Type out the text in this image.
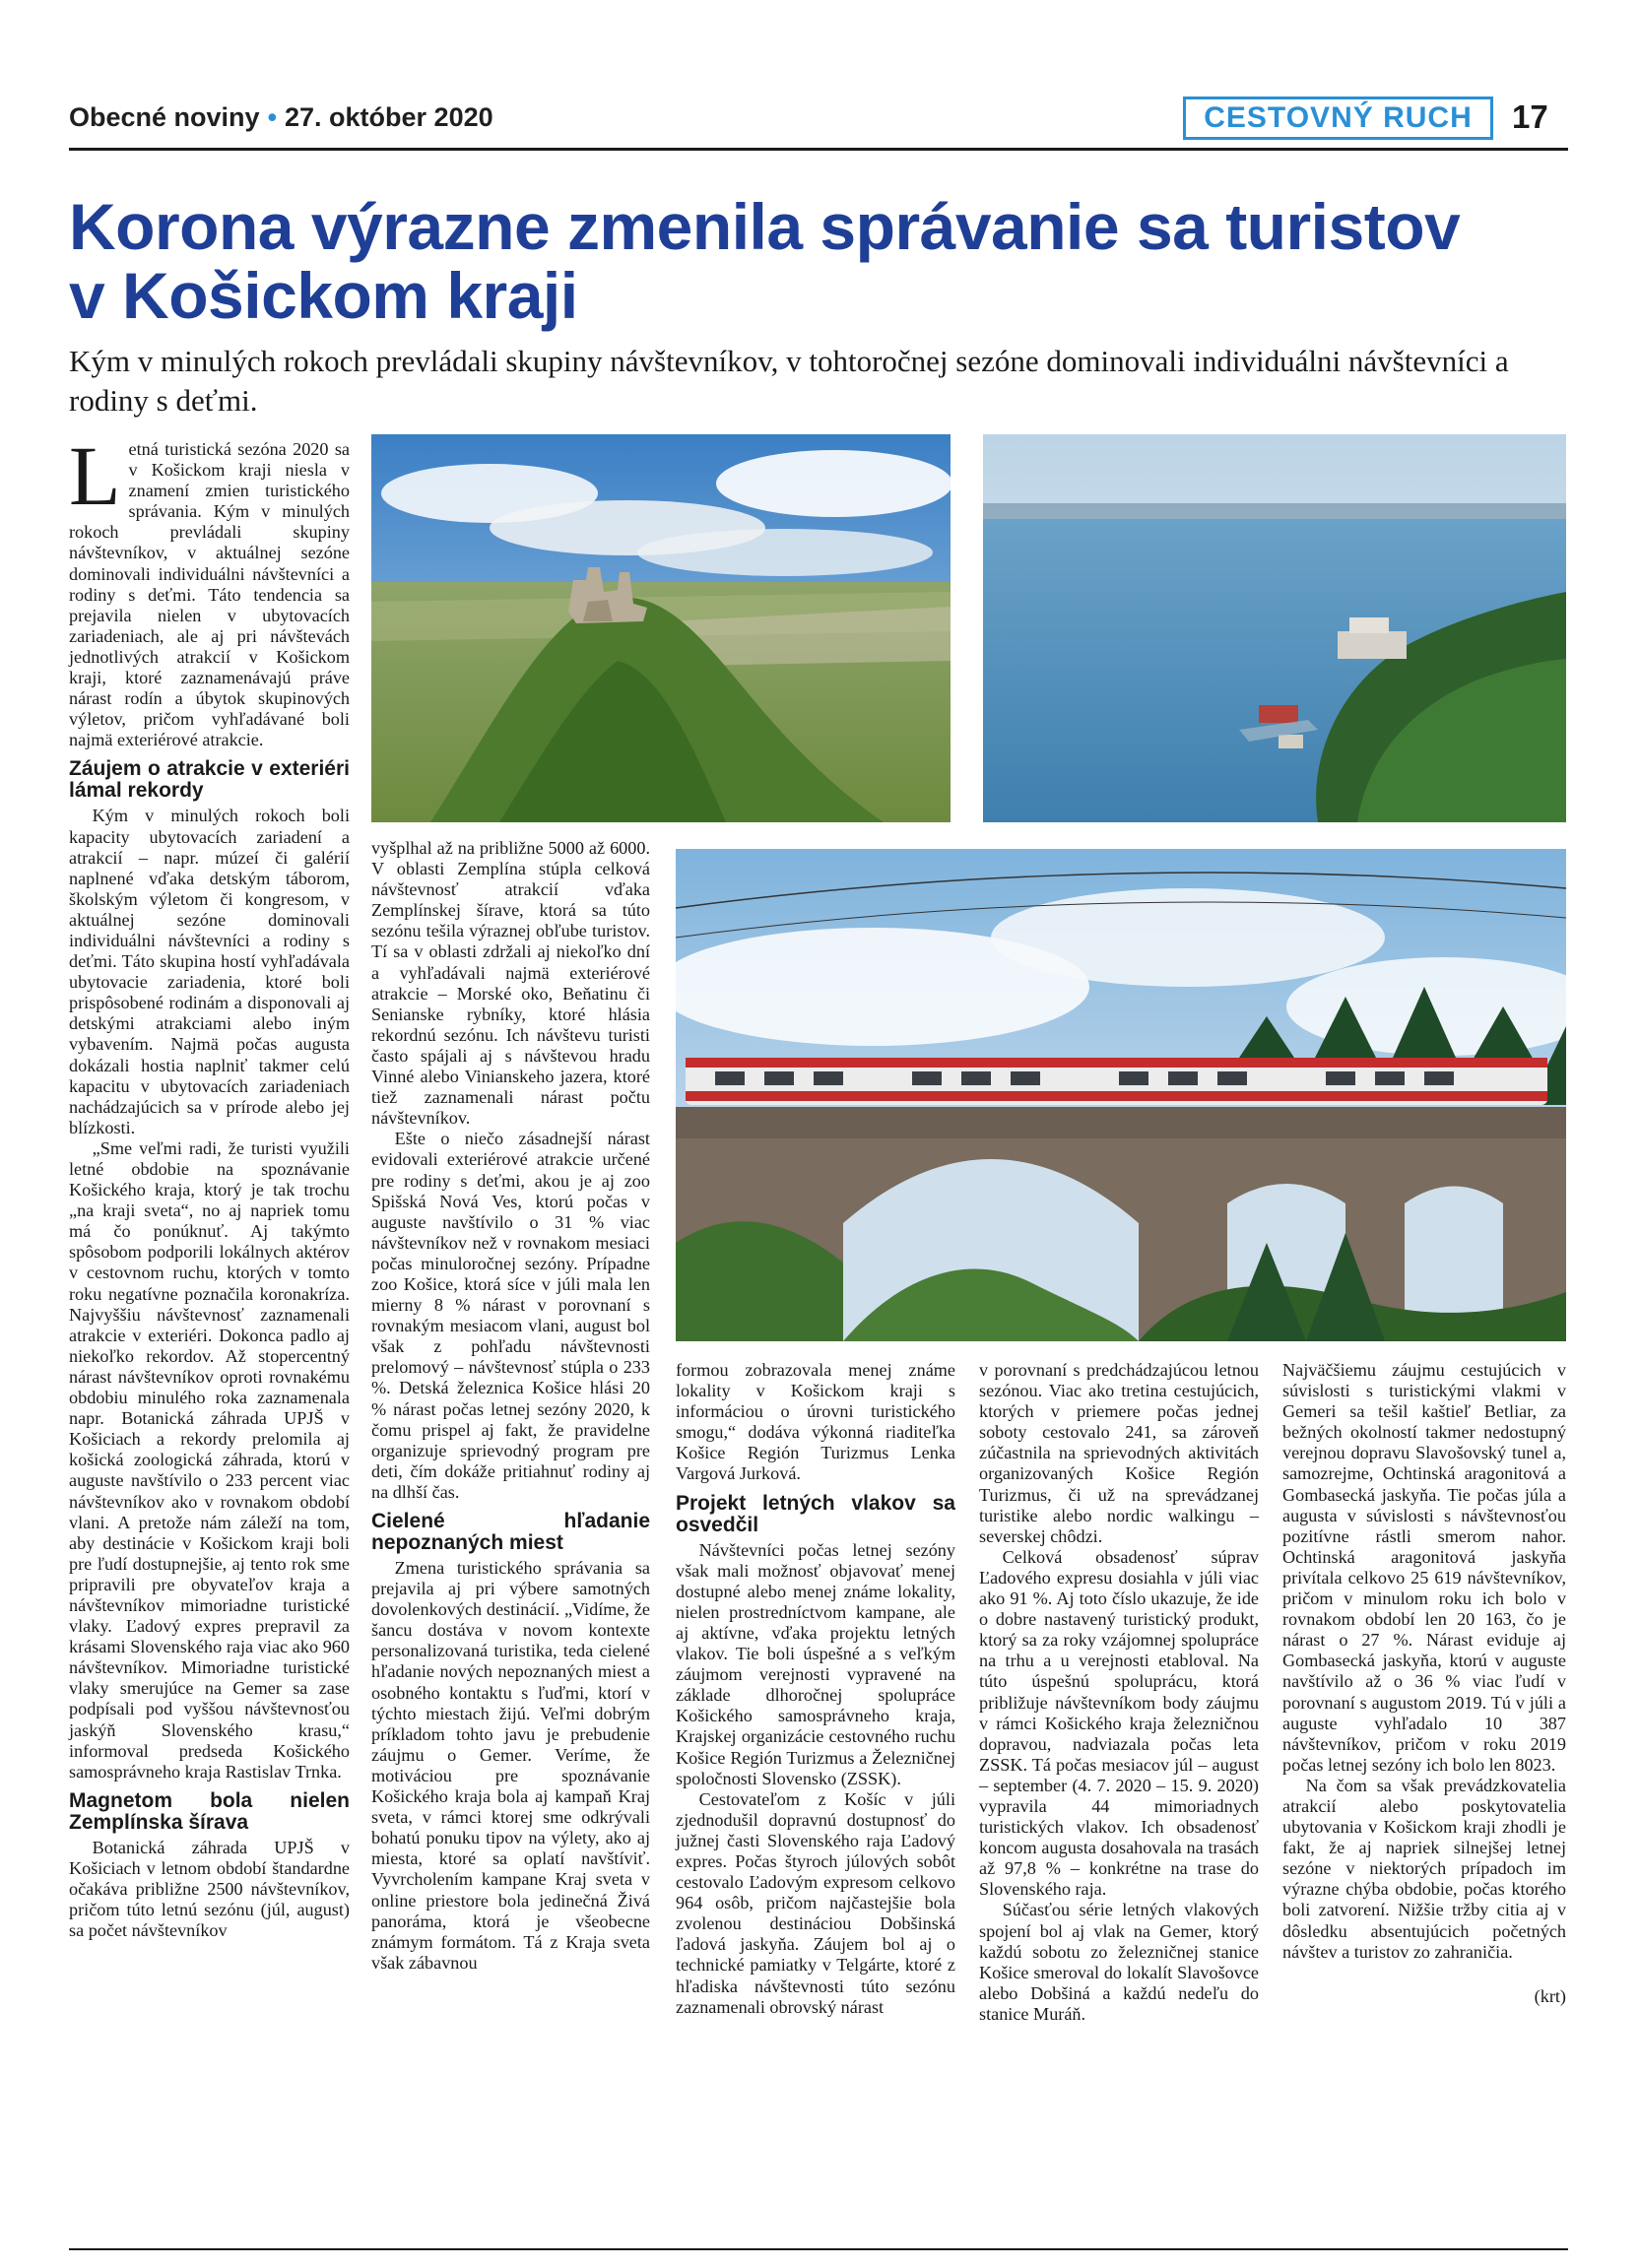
Obecné noviny • 27. október 2020	CESTOVNÝ RUCH	17
Korona výrazne zmenila správanie sa turistov
v Košickom kraji
Kým v minulých rokoch prevládali skupiny návštevníkov, v tohtoročnej sezóne dominovali individuálni návštevníci a rodiny s deťmi.

Letná turistická sezóna 2020 sa v Košickom kraji niesla v znamení zmien turistického správania. Kým v minulých rokoch prevládali skupiny návštevníkov, v aktuálnej sezóne dominovali individuálni návštevníci a rodiny s deťmi. Táto tendencia sa prejavila nielen v ubytovacích zariadeniach, ale aj pri návštevách jednotlivých atrakcií v Košickom kraji, ktoré zaznamenávajú práve nárast rodín a úbytok skupinových výletov, pričom vyhľadávané boli najmä exteriérové atrakcie.

Záujem o atrakcie v exteriéri lámal rekordy

Kým v minulých rokoch boli kapacity ubytovacích zariadení a atrakcií – napr. múzeí či galérií naplnené vďaka detským táborom, školským výletom či kongresom, v aktuálnej sezóne dominovali individuálni návštevníci a rodiny s deťmi. Táto skupina hostí vyhľadávala ubytovacie zariadenia, ktoré boli prispôsobené rodinám a disponovali aj detskými atrakciami alebo iným vybavením. Najmä počas augusta dokázali hostia naplniť takmer celú kapacitu v ubytovacích zariadeniach nachádzajúcich sa v prírode alebo jej blízkosti.

„Sme veľmi radi, že turisti využili letné obdobie na spoznávanie Košického kraja, ktorý je tak trochu „na kraji sveta“, no aj napriek tomu má čo ponúknuť. Aj takýmto spôsobom podporili lokálnych aktérov v cestovnom ruchu, ktorých v tomto roku negatívne poznačila koronakríza. Najvyššiu návštevnosť zaznamenali atrakcie v exteriéri. Dokonca padlo aj niekoľko rekordov. Až stopercentný nárast návštevníkov oproti rovnakému obdobiu minulého roka zaznamenala napr. Botanická záhrada UPJŠ v Košiciach a rekordy prelomila aj košická zoologická záhrada, ktorú v auguste navštívilo o 233 percent viac návštevníkov ako v rovnakom období vlani. A pretože nám záleží na tom, aby destinácie v Košickom kraji boli pre ľudí dostupnejšie, aj tento rok sme pripravili pre obyvateľov kraja a návštevníkov mimoriadne turistické vlaky. Ľadový expres prepravil za krásami Slovenského raja viac ako 960 návštevníkov. Mimoriadne turistické vlaky smerujúce na Gemer sa zase podpísali pod vyššou návštevnosťou jaskýň Slovenského krasu,“ informoval predseda Košického samosprávneho kraja Rastislav Trnka.

Magnetom bola nielen Zemplínska šírava

Botanická záhrada UPJŠ v Košiciach v letnom období štandardne očakáva približne 2500 návštevníkov, pričom túto letnú sezónu (júl, august) sa počet návštevníkov

vyšplhal až na približne 5000 až 6000. V oblasti Zemplína stúpla celková návštevnosť atrakcií vďaka Zemplínskej šírave, ktorá sa túto sezónu tešila výraznej obľube turistov. Tí sa v oblasti zdržali aj niekoľko dní a vyhľadávali najmä exteriérové atrakcie – Morské oko, Beňatinu či Senianske rybníky, ktoré hlásia rekordnú sezónu. Ich návštevu turisti často spájali aj s návštevou hradu Vinné alebo Vinianskeho jazera, ktoré tiež zaznamenali nárast počtu návštevníkov.

Ešte o niečo zásadnejší nárast evidovali exteriérové atrakcie určené pre rodiny s deťmi, akou je aj zoo Spišská Nová Ves, ktorú počas v auguste navštívilo o 31 % viac návštevníkov než v rovnakom mesiaci počas minuloročnej sezóny. Prípadne zoo Košice, ktorá síce v júli mala len mierny 8 % nárast v porovnaní s rovnakým mesiacom vlani, august bol však z pohľadu návštevnosti prelomový – návštevnosť stúpla o 233 %. Detská železnica Košice hlási 20 % nárast počas letnej sezóny 2020, k čomu prispel aj fakt, že pravidelne organizuje sprievodný program pre deti, čím dokáže pritiahnuť rodiny aj na dlhší čas.

Cielené hľadanie nepoznaných miest

Zmena turistického správania sa prejavila aj pri výbere samotných dovolenkových destinácií. „Vidíme, že šancu dostáva v novom kontexte personalizovaná turistika, teda cielené hľadanie nových nepoznaných miest a osobného kontaktu s ľuďmi, ktorí v týchto miestach žijú. Veľmi dobrým príkladom tohto javu je prebudenie záujmu o Gemer. Veríme, že motiváciou pre spoznávanie Košického kraja bola aj kampaň Kraj sveta, v rámci ktorej sme odkrývali bohatú ponuku tipov na výlety, ako aj miesta, ktoré sa oplatí navštíviť. Vyvrcholením kampane Kraj sveta v online priestore bola jedinečná Živá panoráma, ktorá je všeobecne známym formátom. Tá z Kraja sveta však zábavnou

formou zobrazovala menej známe lokality v Košickom kraji s informáciou o úrovni turistického smogu,“ dodáva výkonná riaditeľka Košice Región Turizmus Lenka Vargová Jurková.

Projekt letných vlakov sa osvedčil

Návštevníci počas letnej sezóny však mali možnosť objavovať menej dostupné alebo menej známe lokality, nielen prostredníctvom kampane, ale aj aktívne, vďaka projektu letných vlakov. Tie boli úspešné a s veľkým záujmom verejnosti vypravené na základe dlhoročnej spolupráce Košického samosprávneho kraja, Krajskej organizácie cestovného ruchu Košice Región Turizmus a Železničnej spoločnosti Slovensko (ZSSK).

Cestovateľom z Košíc v júli zjednodušil dopravnú dostupnosť do južnej časti Slovenského raja Ľadový expres. Počas štyroch júlových sobôt cestovalo Ľadovým expresom celkovo 964 osôb, pričom najčastejšie bola zvolenou destináciou Dobšinská ľadová jaskyňa. Záujem bol aj o technické pamiatky v Telgárte, ktoré z hľadiska návštevnosti túto sezónu zaznamenali obrovský nárast

v porovnaní s predchádzajúcou letnou sezónou. Viac ako tretina cestujúcich, ktorých v priemere počas jednej soboty cestovalo 241, sa zároveň zúčastnila na sprievodných aktivitách organizovaných Košice Región Turizmus, či už na sprevádzanej turistike alebo nordic walkingu – severskej chôdzi.

Celková obsadenosť súprav Ľadového expresu dosiahla v júli viac ako 91 %. Aj toto číslo ukazuje, že ide o dobre nastavený turistický produkt, ktorý sa za roky vzájomnej spolupráce na trhu a u verejnosti etabloval. Na túto úspešnú spoluprácu, ktorá približuje návštevníkom body záujmu v rámci Košického kraja železničnou dopravou, nadviazala počas leta ZSSK. Tá počas mesiacov júl – august – september (4. 7. 2020 – 15. 9. 2020) vypravila 44 mimoriadnych turistických vlakov. Ich obsadenosť koncom augusta dosahovala na trasách až 97,8 % – konkrétne na trase do Slovenského raja.

Súčasťou série letných vlakových spojení bol aj vlak na Gemer, ktorý každú sobotu zo železničnej stanice Košice smeroval do lokalít Slavošovce alebo Dobšiná a každú nedeľu do stanice Muráň.

Najväčšiemu záujmu cestujúcich v súvislosti s turistickými vlakmi v Gemeri sa tešil kaštieľ Betliar, za bežných okolností takmer nedostupný verejnou dopravu Slavošovský tunel a, samozrejme, Ochtinská aragonitová a Gombasecká jaskyňa. Tie počas júla a augusta v súvislosti s návštevnosťou pozitívne rástli smerom nahor. Ochtinská aragonitová jaskyňa privítala celkovo 25 619 návštevníkov, pričom v minulom roku ich bolo v rovnakom období len 20 163, čo je nárast o 27 %. Nárast eviduje aj Gombasecká jaskyňa, ktorú v auguste navštívilo až o 36 % viac ľudí v porovnaní s augustom 2019. Tú v júli a auguste vyhľadalo 10 387 návštevníkov, pričom v roku 2019 počas letnej sezóny ich bolo len 8023.

Na čom sa však prevádzkovatelia atrakcií alebo poskytovatelia ubytovania v Košickom kraji zhodli je fakt, že aj napriek silnejšej letnej sezóne v niektorých prípadoch im výrazne chýba obdobie, počas ktorého boli zatvorení. Nižšie tržby citia aj v dôsledku absentujúcich početných návštev a turistov zo zahraničia.

(krt)
